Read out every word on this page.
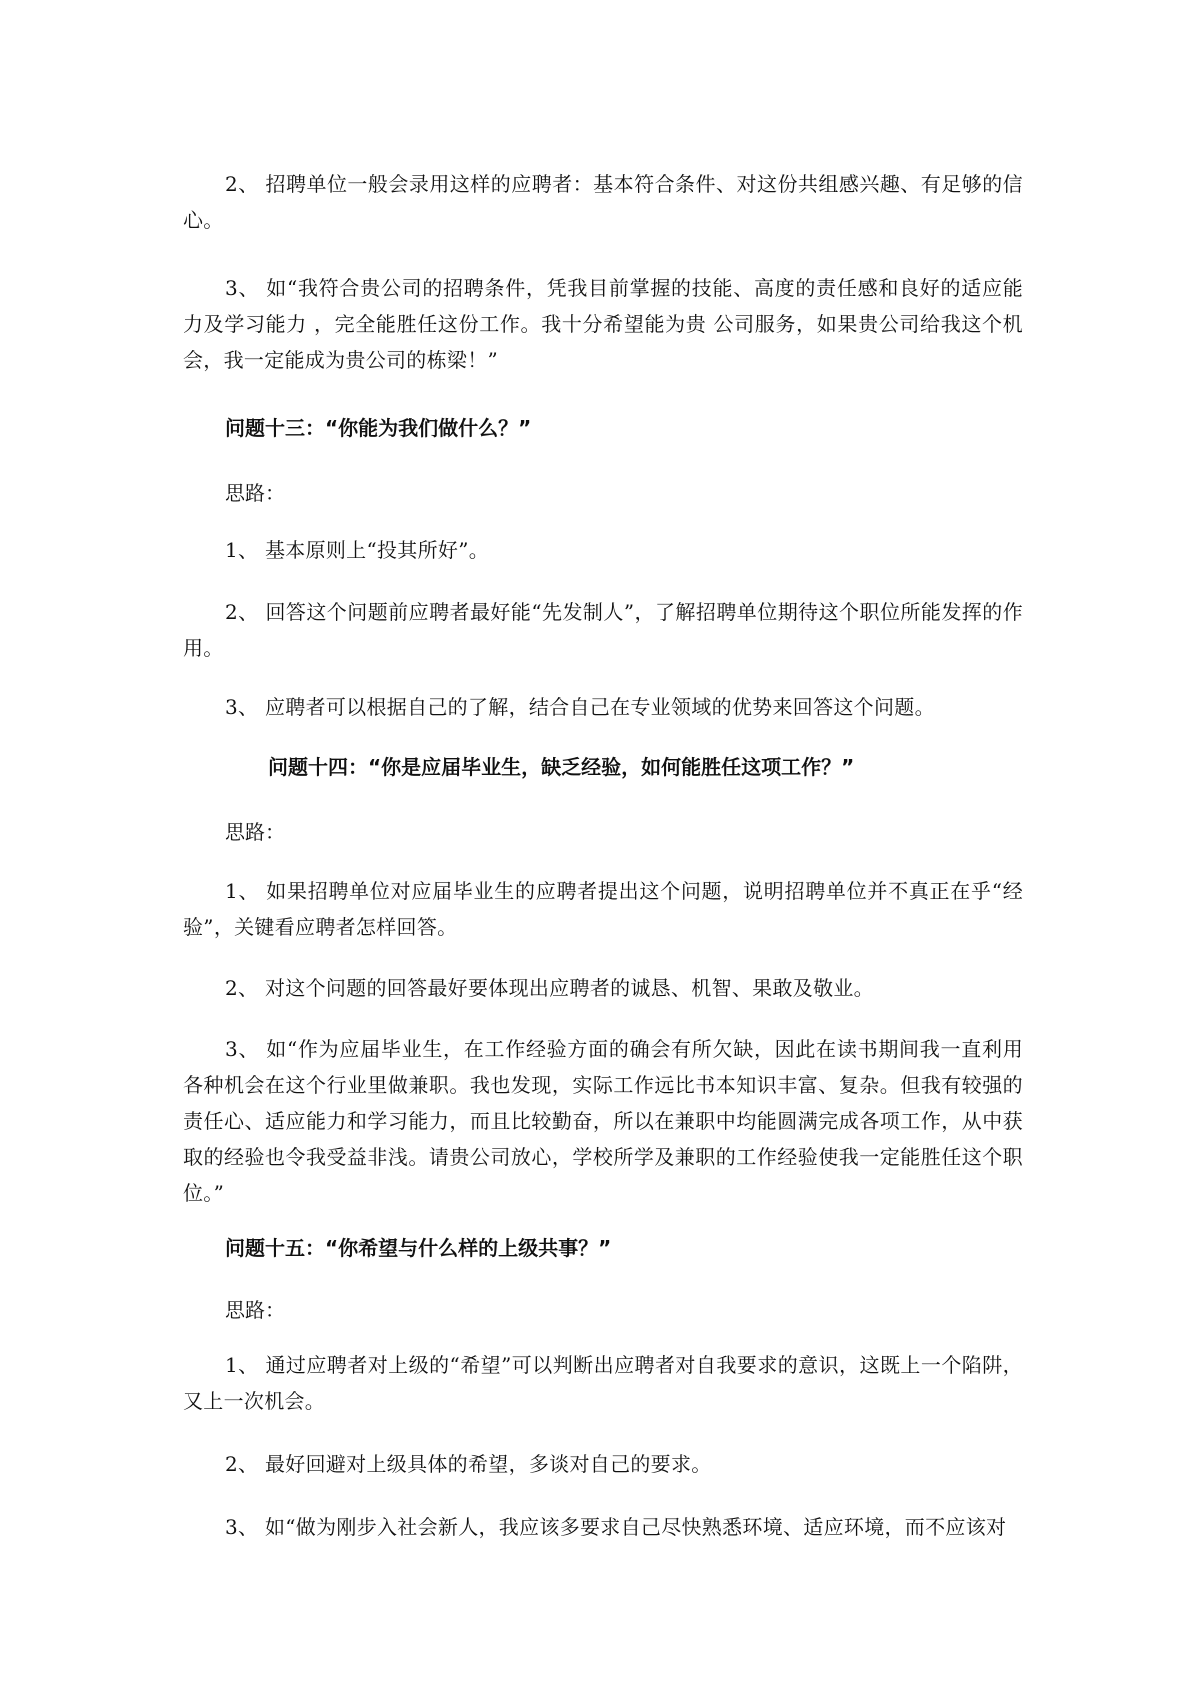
2、 招聘单位一般会录用这样的应聘者：基本符合条件、对这份共组感兴趣、有足够的信心。

3、 如“我符合贵公司的招聘条件，凭我目前掌握的技能、高度的责任感和良好的适应能力及学习能力 ，完全能胜任这份工作。我十分希望能为贵 公司服务，如果贵公司给我这个机会，我一定能成为贵公司的栋梁！”

问题十三：“你能为我们做什么？”

思路：

1、 基本原则上“投其所好”。

2、 回答这个问题前应聘者最好能“先发制人”，了解招聘单位期待这个职位所能发挥的作用。

3、 应聘者可以根据自己的了解，结合自己在专业领域的优势来回答这个问题。

问题十四：“你是应届毕业生，缺乏经验，如何能胜任这项工作？”

思路：

1、 如果招聘单位对应届毕业生的应聘者提出这个问题，说明招聘单位并不真正在乎“经验”，关键看应聘者怎样回答。

2、 对这个问题的回答最好要体现出应聘者的诚恳、机智、果敢及敬业。

3、 如“作为应届毕业生，在工作经验方面的确会有所欠缺，因此在读书期间我一直利用各种机会在这个行业里做兼职。我也发现，实际工作远比书本知识丰富、复杂。但我有较强的责任心、适应能力和学习能力，而且比较勤奋，所以在兼职中均能圆满完成各项工作，从中获取的经验也令我受益非浅。请贵公司放心，学校所学及兼职的工作经验使我一定能胜任这个职位。”

问题十五：“你希望与什么样的上级共事？”

思路：

1、 通过应聘者对上级的“希望”可以判断出应聘者对自我要求的意识，这既上一个陷阱，又上一次机会。

2、 最好回避对上级具体的希望，多谈对自己的要求。

3、 如“做为刚步入社会新人，我应该多要求自己尽快熟悉环境、适应环境，而不应该对
